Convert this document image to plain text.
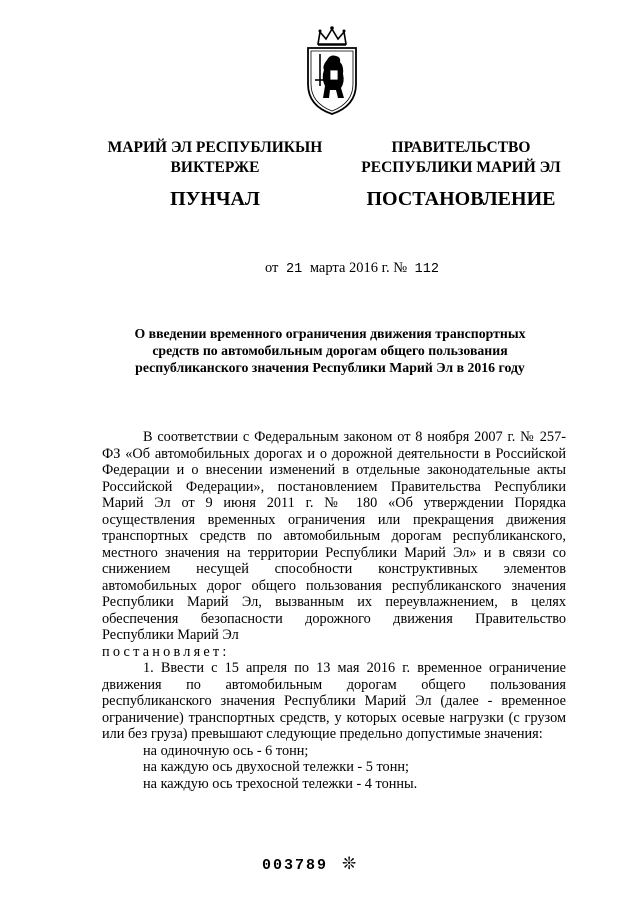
МАРИЙ ЭЛ РЕСПУБЛИКЫН
ВИКТЕРЖЕ
ПУНЧАЛ
ПРАВИТЕЛЬСТВО
РЕСПУБЛИКИ МАРИЙ ЭЛ
ПОСТАНОВЛЕНИЕ
от 21 марта 2016 г. № 112
О введении временного ограничения движения транспортных
средств по автомобильным дорогам общего пользования
республиканского значения Республики Марий Эл в 2016 году

В соответствии с Федеральным законом от 8 ноября 2007 г. № 257-ФЗ «Об автомобильных дорогах и о дорожной деятельности в Российской Федерации и о внесении изменений в отдельные законодательные акты Российской Федерации», постановлением Правительства Республики Марий Эл от 9 июня 2011 г. № 180 «Об утверждении Порядка осуществления временных ограничения или прекращения движения транспортных средств по автомобильным дорогам республиканского, местного значения на территории Республики Марий Эл» и в связи со снижением несущей способности конструктивных элементов автомобильных дорог общего пользования республиканского значения Республики Марий Эл, вызванным их переувлажнением, в целях обеспечения безопасности дорожного движения Правительство Республики Марий Эл

постановляет:

1. Ввести с 15 апреля по 13 мая 2016 г. временное ограничение движения по автомобильным дорогам общего пользования республиканского значения Республики Марий Эл (далее - временное ограничение) транспортных средств, у которых осевые нагрузки (с грузом или без груза) превышают следующие предельно допустимые значения:

на одиночную ось - 6 тонн;

на каждую ось двухосной тележки - 5 тонн;

на каждую ось трехосной тележки - 4 тонны.

003789 ❊
